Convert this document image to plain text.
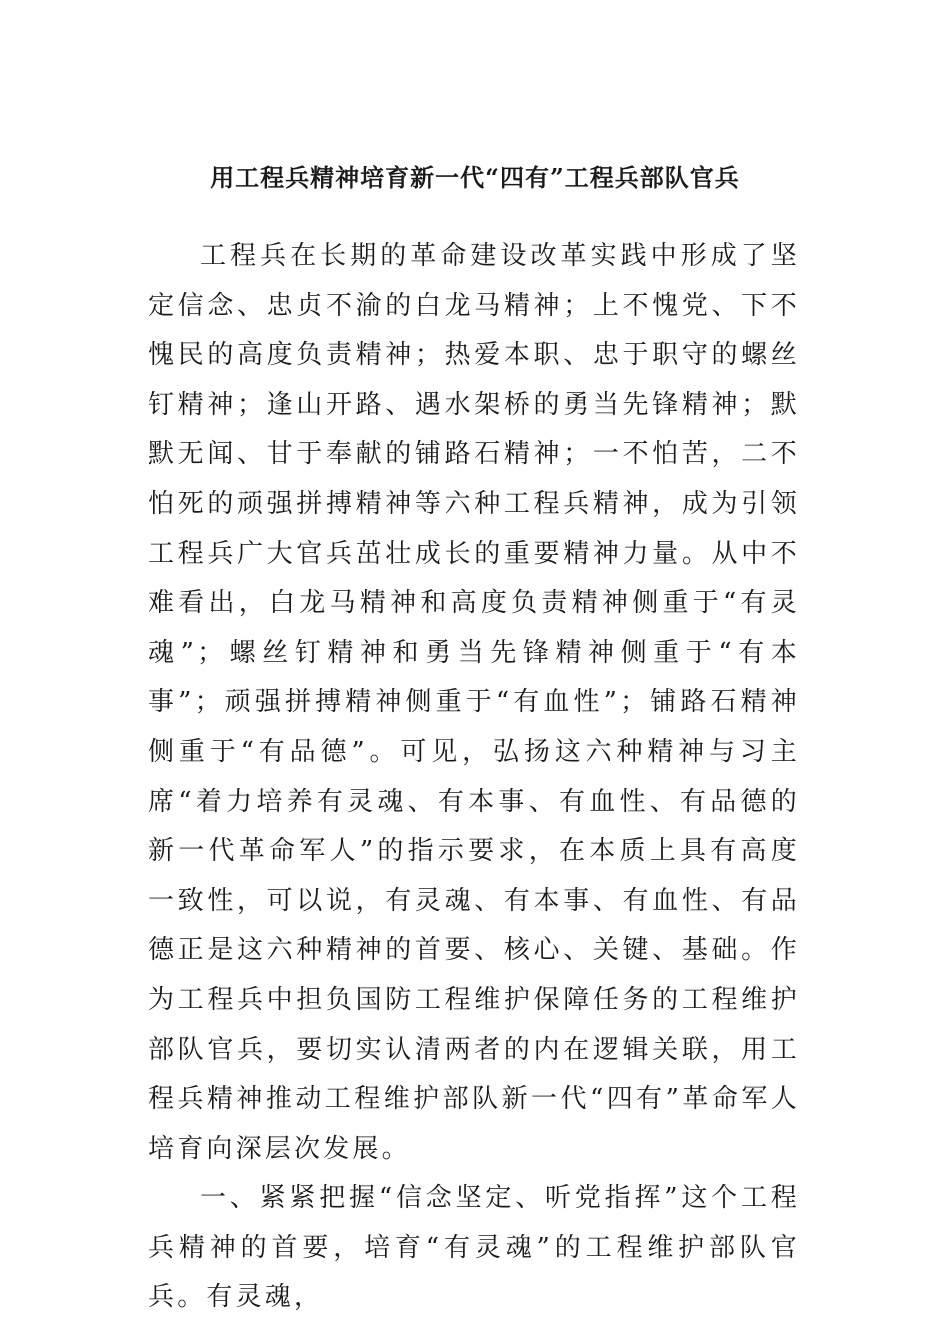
用工程兵精神培育新一代“四有”工程兵部队官兵

工程兵在长期的革命建设改革实践中形成了坚定信念、忠贞不渝的白龙马精神；上不愧党、下不愧民的高度负责精神；热爱本职、忠于职守的螺丝钉精神；逢山开路、遇水架桥的勇当先锋精神；默默无闻、甘于奉献的铺路石精神；一不怕苦，二不怕死的顽强拼搏精神等六种工程兵精神，成为引领工程兵广大官兵茁壮成长的重要精神力量。从中不难看出，白龙马精神和高度负责精神侧重于“有灵魂”；螺丝钉精神和勇当先锋精神侧重于“有本事”；顽强拼搏精神侧重于“有血性”；铺路石精神侧重于“有品德”。可见，弘扬这六种精神与习主席“着力培养有灵魂、有本事、有血性、有品德的新一代革命军人”的指示要求，在本质上具有高度一致性，可以说，有灵魂、有本事、有血性、有品德正是这六种精神的首要、核心、关键、基础。作为工程兵中担负国防工程维护保障任务的工程维护部队官兵，要切实认清两者的内在逻辑关联，用工程兵精神推动工程维护部队新一代“四有”革命军人培育向深层次发展。

一、紧紧把握“信念坚定、听党指挥”这个工程兵精神的首要，培育“有灵魂”的工程维护部队官兵。有灵魂，
